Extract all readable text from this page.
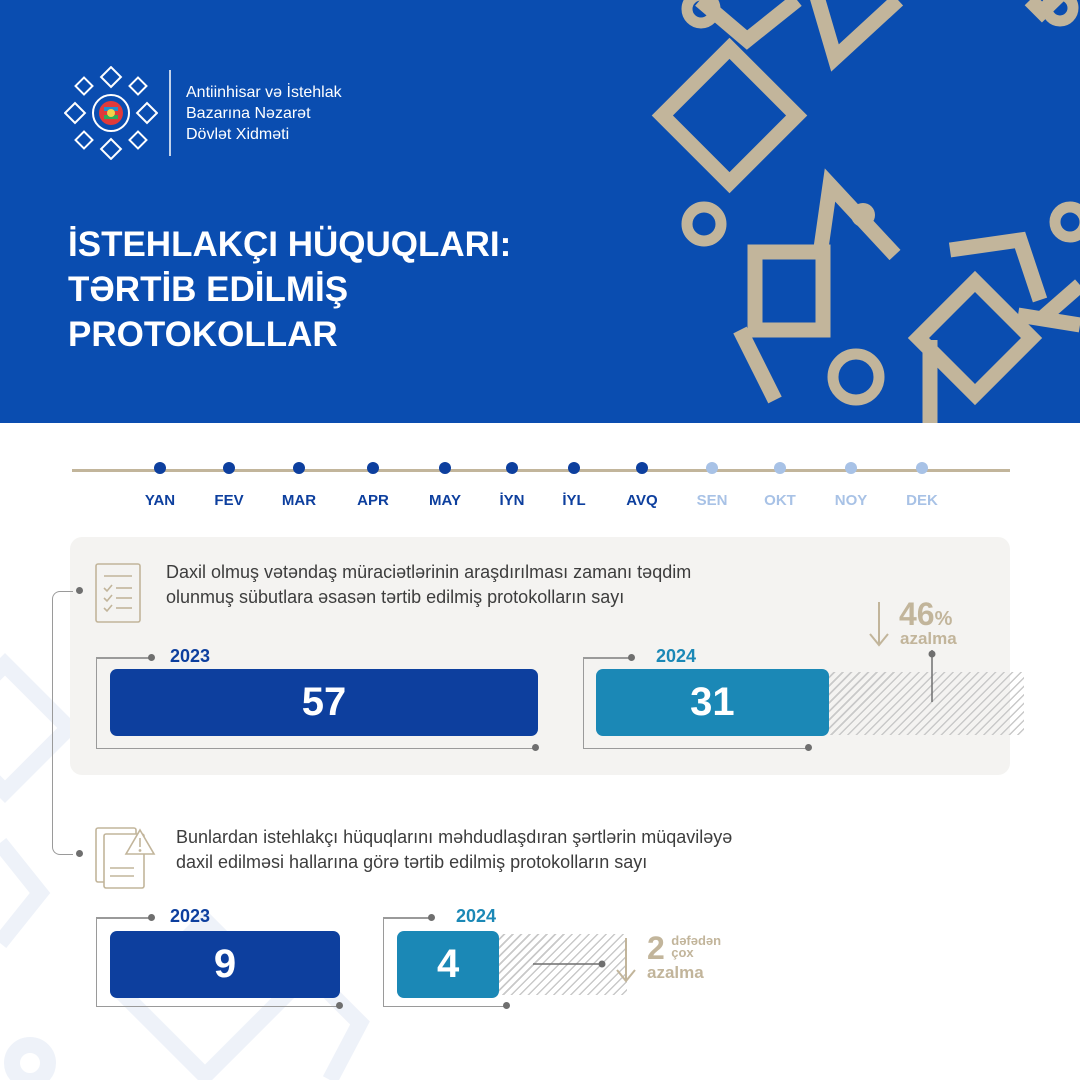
Antiinhisar və İstehlak
Bazarına Nəzarət
Dövlət Xidməti
İSTEHLAKÇI HÜQUQLARI:
TƏRTİB EDİLMİŞ
PROTOKOLLAR
YAN	FEV	MAR	APR	MAY	İYN	İYL	AVQ	SEN	OKT	NOY	DEK
Daxil olmuş vətəndaş müraciətlərinin araşdırılması zamanı təqdim
olunmuş sübutlara əsasən tərtib edilmiş protokolların sayı
2023
57
2024
31
46%
azalma
Bunlardan istehlakçı hüquqlarını məhdudlaşdıran şərtlərin müqaviləyə
daxil edilməsi hallarına görə tərtib edilmiş protokolların sayı
2023
9
2024
4	2 dəfədən
çox
azalma
